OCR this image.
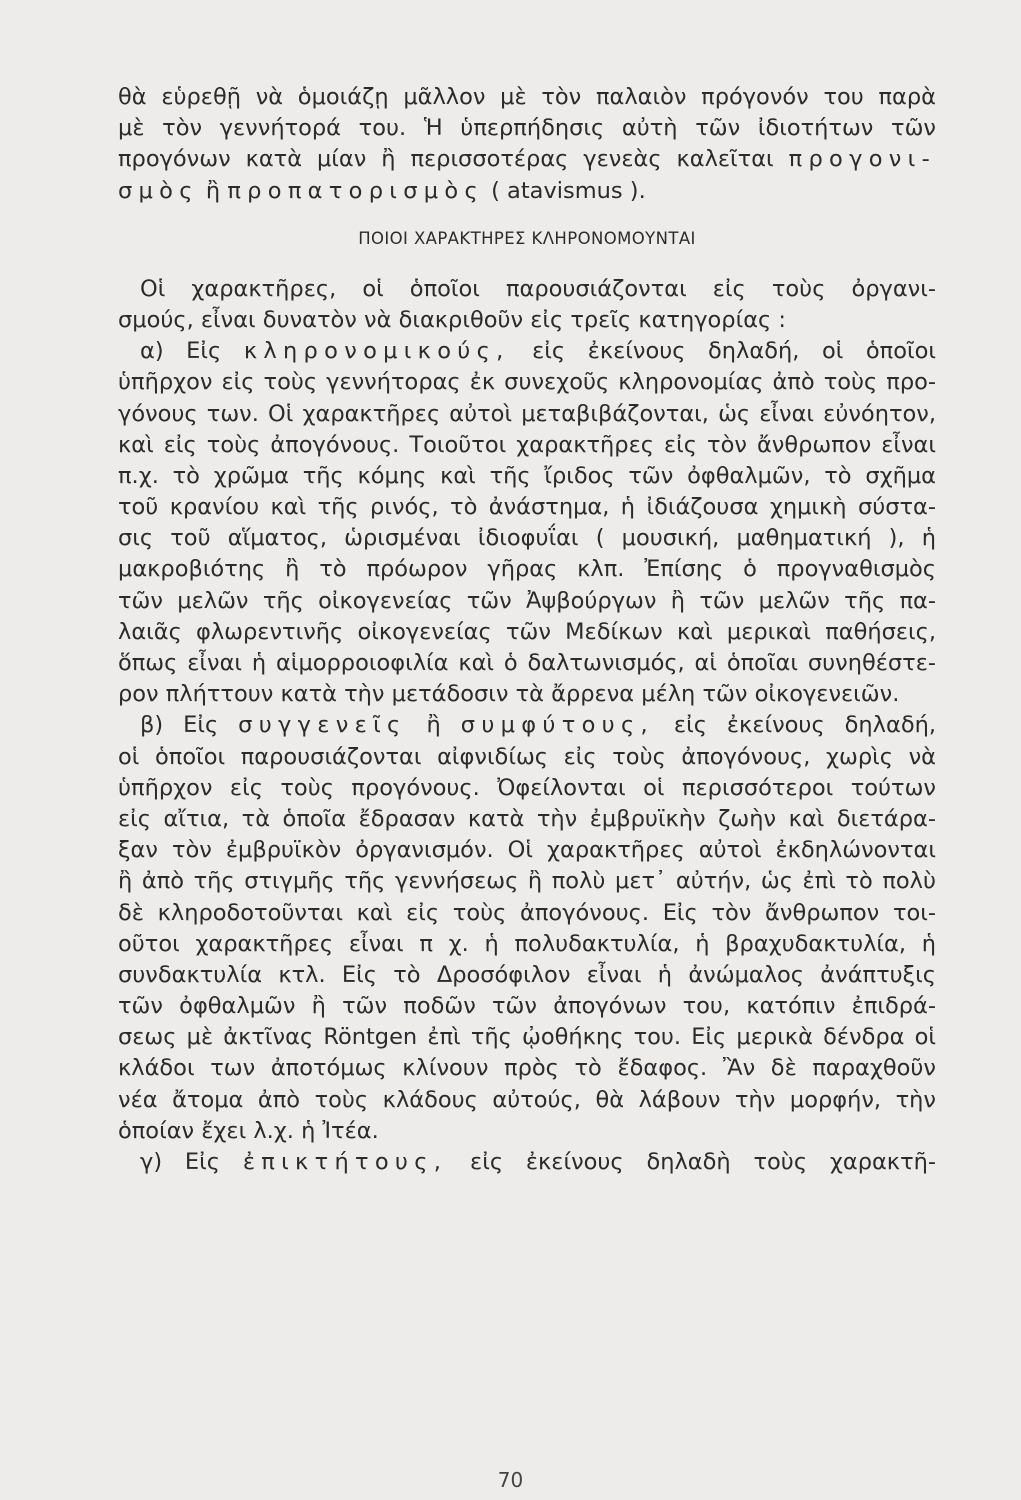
θὰ εὑρεθῇ νὰ ὁμοιάζῃ μᾶλλον μὲ τὸν παλαιὸν πρόγονόν του παρὰ
μὲ τὸν γεννήτορά του. Ἡ ὑπερπήδησις αὐτὴ τῶν ἰδιοτήτων τῶν
προγόνων κατὰ μίαν ἢ περισσοτέρας γενεὰς καλεῖται προγονι-
σμὸς ἢ προπατορισμὸς ( atavismus ).
ΠΟΙΟΙ ΧΑΡΑΚΤΗΡΕΣ ΚΛΗΡΟΝΟΜΟΥΝΤΑΙ
Οἱ χαρακτῆρες, οἱ ὁποῖοι παρουσιάζονται εἰς τοὺς ὀργανι-
σμούς, εἶναι δυνατὸν νὰ διακριθοῦν εἰς τρεῖς κατηγορίας :
α) Εἰς κληρονομικούς, εἰς ἐκείνους δηλαδή, οἱ ὁποῖοι
ὑπῆρχον εἰς τοὺς γεννήτορας ἐκ συνεχοῦς κληρονομίας ἀπὸ τοὺς προ-
γόνους των. Οἱ χαρακτῆρες αὐτοὶ μεταβιβάζονται, ὡς εἶναι εὐνόητον,
καὶ εἰς τοὺς ἀπογόνους. Τοιοῦτοι χαρακτῆρες εἰς τὸν ἄνθρωπον εἶναι
π.χ. τὸ χρῶμα τῆς κόμης καὶ τῆς ἴριδος τῶν ὀφθαλμῶν, τὸ σχῆμα
τοῦ κρανίου καὶ τῆς ρινός, τὸ ἀνάστημα, ἡ ἰδιάζουσα χημικὴ σύστα-
σις τοῦ αἵματος, ὡρισμέναι ἰδιοφυΐαι ( μουσική, μαθηματική ), ἡ
μακροβιότης ἢ τὸ πρόωρον γῆρας κλπ. Ἐπίσης ὁ προγναθισμὸς
τῶν μελῶν τῆς οἰκογενείας τῶν Ἀψβούργων ἢ τῶν μελῶν τῆς πα-
λαιᾶς φλωρεντινῆς οἰκογενείας τῶν Μεδίκων καὶ μερικαὶ παθήσεις,
ὅπως εἶναι ἡ αἱμορροιοφιλία καὶ ὁ δαλτωνισμός, αἱ ὁποῖαι συνηθέστε-
ρον πλήττουν κατὰ τὴν μετάδοσιν τὰ ἄρρενα μέλη τῶν οἰκογενειῶν.
β) Εἰς συγγενεῖς ἢ συμφύτους, εἰς ἐκείνους δηλαδή,
οἱ ὁποῖοι παρουσιάζονται αἰφνιδίως εἰς τοὺς ἀπογόνους, χωρὶς νὰ
ὑπῆρχον εἰς τοὺς προγόνους. Ὀφείλονται οἱ περισσότεροι τούτων
εἰς αἴτια, τὰ ὁποῖα ἔδρασαν κατὰ τὴν ἐμβρυϊκὴν ζωὴν καὶ διετάρα-
ξαν τὸν ἐμβρυϊκὸν ὀργανισμόν. Οἱ χαρακτῆρες αὐτοὶ ἐκδηλώνονται
ἢ ἀπὸ τῆς στιγμῆς τῆς γεννήσεως ἢ πολὺ μετ᾽ αὐτήν, ὡς ἐπὶ τὸ πολὺ
δὲ κληροδοτοῦνται καὶ εἰς τοὺς ἀπογόνους. Εἰς τὸν ἄνθρωπον τοι-
οῦτοι χαρακτῆρες εἶναι π χ. ἡ πολυδακτυλία, ἡ βραχυδακτυλία, ἡ
συνδακτυλία κτλ. Εἰς τὸ Δροσόφιλον εἶναι ἡ ἀνώμαλος ἀνάπτυξις
τῶν ὀφθαλμῶν ἢ τῶν ποδῶν τῶν ἀπογόνων του, κατόπιν ἐπιδρά-
σεως μὲ ἀκτῖνας Röntgen ἐπὶ τῆς ᾠοθήκης του. Εἰς μερικὰ δένδρα οἱ
κλάδοι των ἀποτόμως κλίνουν πρὸς τὸ ἔδαφος. Ἂν δὲ παραχθοῦν
νέα ἄτομα ἀπὸ τοὺς κλάδους αὐτούς, θὰ λάβουν τὴν μορφήν, τὴν
ὁποίαν ἔχει λ.χ. ἡ Ἰτέα.
γ) Εἰς ἐπικτήτους, εἰς ἐκείνους δηλαδὴ τοὺς χαρακτῆ-
70
